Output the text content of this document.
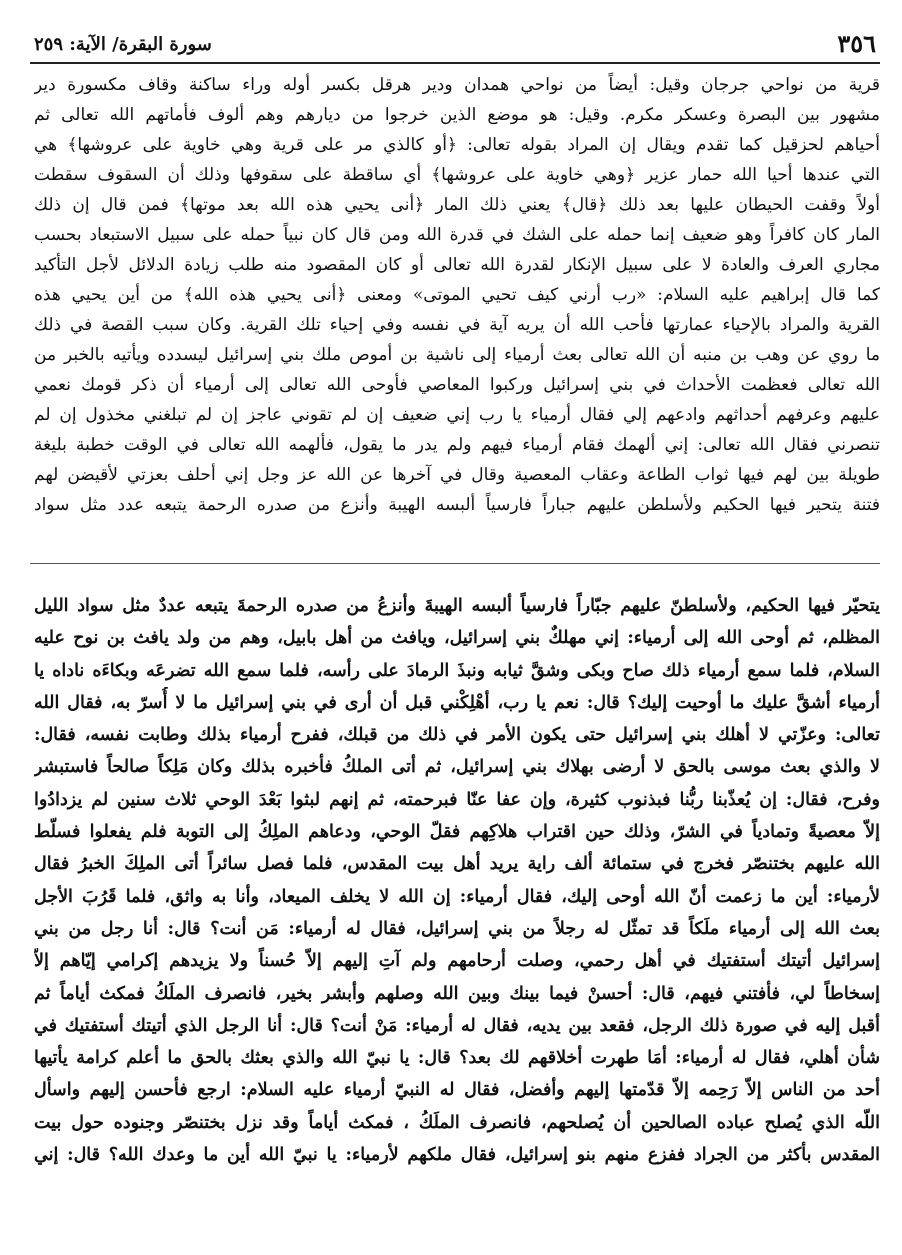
٣٥٦
سورة البقرة/ الآية: ٢٥٩
قرية من نواحي جرجان وقيل: أيضاً من نواحي همدان ودير هرقل بكسر أوله وراء ساكنة وقاف مكسورة دير
مشهور بين البصرة وعسكر مكرم. وقيل: هو موضع الذين خرجوا من ديارهم وهم ألوف فأماتهم الله تعالى ثم
أحياهم لحزقيل كما تقدم ويقال إن المراد بقوله تعالى: ﴿أو كالذي مر على قرية وهي خاوية على عروشها﴾ هي
التي عندها أحيا الله حمار عزير ﴿وهي خاوية على عروشها﴾ أي ساقطة على سقوفها وذلك أن السقوف سقطت
أولاً وقفت الحيطان عليها بعد ذلك ﴿قال﴾ يعني ذلك المار ﴿أنى يحيي هذه الله بعد موتها﴾ فمن قال إن ذلك
المار كان كافراً وهو ضعيف إنما حمله على الشك في قدرة الله ومن قال كان نبياً حمله على سبيل الاستبعاد بحسب
مجاري العرف والعادة لا على سبيل الإنكار لقدرة الله تعالى أو كان المقصود منه طلب زيادة الدلائل لأجل التأكيد
كما قال إبراهيم عليه السلام: «رب أرني كيف تحيي الموتى» ومعنى ﴿أنى يحيي هذه الله﴾ من أين يحيي هذه
القرية والمراد بالإحياء عمارتها فأحب الله أن يريه آية في نفسه وفي إحياء تلك القرية. وكان سبب القصة في ذلك
ما روي عن وهب بن منبه أن الله تعالى بعث أرمياء إلى ناشية بن أموص ملك بني إسرائيل ليسدده ويأتيه بالخبر من
الله تعالى فعظمت الأحداث في بني إسرائيل وركبوا المعاصي فأوحى الله تعالى إلى أرمياء أن ذكر قومك نعمي
عليهم وعرفهم أحداثهم وادعهم إلي فقال أرمياء يا رب إني ضعيف إن لم تقوني عاجز إن لم تبلغني مخذول إن لم
تنصرني فقال الله تعالى: إني ألهمك فقام أرمياء فيهم ولم يدر ما يقول، فألهمه الله تعالى في الوقت خطبة بليغة
طويلة بين لهم فيها ثواب الطاعة وعقاب المعصية وقال في آخرها عن الله عز وجل إني أحلف بعزتي لأقيضن لهم
فتنة يتحير فيها الحكيم ولأسلطن عليهم جباراً فارسياً ألبسه الهيبة وأنزع من صدره الرحمة يتبعه عدد مثل سواد
يتحيّر فيها الحكيم، ولأسلطنّ عليهم جبّاراً فارسياً ألبسه الهيبةَ وأنزعُ من صدره الرحمةَ يتبعه عددٌ مثل سواد الليل
المظلم، ثم أوحى الله إلى أرمياء: إني مهلكٌ بني إسرائيل، ويافث من أهل بابيل، وهم من ولد يافث بن نوح عليه
السلام، فلما سمع أرمياء ذلك صاح وبكى وشقَّ ثيابه ونبذَ الرمادَ على رأسه، فلما سمع الله تضرعَه وبكاءَه ناداه يا
أرمياء أشقَّ عليك ما أوحيت إليك؟ قال: نعم يا رب، أهْلِكْني قبل أن أرى في بني إسرائيل ما لا أُسرّ به، فقال الله
تعالى: وعزّتي لا أهلك بني إسرائيل حتى يكون الأمر في ذلك من قبلك، ففرح أرمياء بذلك وطابت نفسه، فقال:
لا والذي بعث موسى بالحق لا أرضى بهلاك بني إسرائيل، ثم أتى الملكُ فأخبره بذلك وكان مَلِكاً صالحاً فاستبشر
وفرح، فقال: إن يُعذّبنا ربُّنا فبذنوب كثيرة، وإن عفا عنّا فبرحمته، ثم إنهم لبثوا بَعْدَ الوحي ثلاث سنين لم يزدادُوا
إلاّ معصيةً وتمادياً في الشرّ، وذلك حين اقتراب هلاكِهم فقلّ الوحي، ودعاهم الملِكُ إلى التوبة فلم يفعلوا فسلّط
الله عليهم بختنصّر فخرج في ستمائة ألف راية يريد أهل بيت المقدس، فلما فصل سائراً أتى الملِكَ الخبرُ فقال
لأرمياء: أين ما زعمت أنّ الله أوحى إليك، فقال أرمياء: إن الله لا يخلف الميعاد، وأنا به واثق، فلما قَرُبَ الأجل
بعث الله إلى أرمياء ملَكاً قد تمثّل له رجلاً من بني إسرائيل، فقال له أرمياء: مَن أنت؟ قال: أنا رجل من بني
إسرائيل أتيتك أستفتيك في أهل رحمي، وصلت أرحامهم ولم آتِ إليهم إلاّ حُسناً ولا يزيدهم إكرامي إيّاهم إلاّ
إسخاطاً لي، فأفتني فيهم، قال: أحسنْ فيما بينك وبين الله وصلهم وأبشر بخير، فانصرف الملَكُ فمكث أياماً ثم
أقبل إليه في صورة ذلك الرجل، فقعد بين يديه، فقال له أرمياء: مَنْ أنت؟ قال: أنا الرجل الذي أتيتك أستفتيك في
شأن أهلي، فقال له أرمياء: أمَا طهرت أخلاقهم لك بعد؟ قال: يا نبيّ الله والذي بعثك بالحق ما أعلم كرامة يأتيها
أحد من الناس إلاّ رَحِمه إلاّ قدّمتها إليهم وأفضل، فقال له النبيّ أرمياء عليه السلام: ارجع فأحسن إليهم واسأل
اللّه الذي يُصلح عباده الصالحين أن يُصلحهم، فانصرف الملَكُ ، فمكث أياماً وقد نزل بختنصّر وجنوده حول بيت
المقدس بأكثر من الجراد ففزع منهم بنو إسرائيل، فقال ملكهم لأرمياء: يا نبيّ الله أين ما وعدك الله؟ قال: إني
